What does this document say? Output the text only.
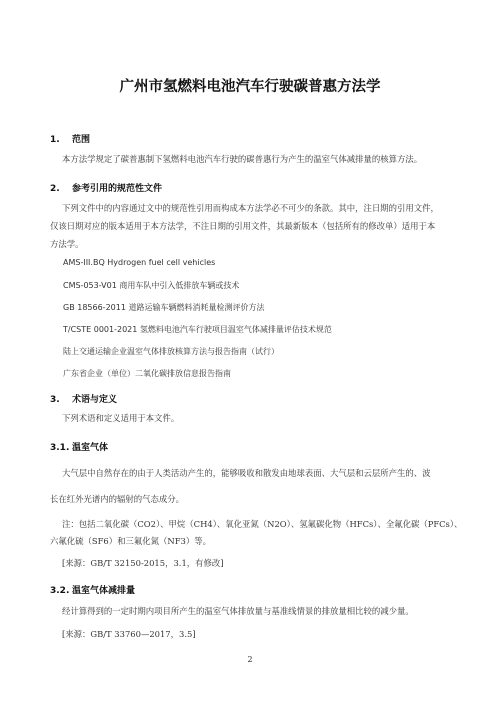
广州市氢燃料电池汽车行驶碳普惠方法学
1. 范围
本方法学规定了碳普惠制下氢燃料电池汽车行驶的碳普惠行为产生的温室气体减排量的核算方法。
2. 参考引用的规范性文件
下列文件中的内容通过文中的规范性引用而构成本方法学必不可少的条款。其中，注日期的引用文件，
仅该日期对应的版本适用于本方法学，不注日期的引用文件，其最新版本（包括所有的修改单）适用于本
方法学。
AMS-III.BQ Hydrogen fuel cell vehicles
CMS-053-V01 商用车队中引入低排放车辆或技术
GB 18566-2011 道路运输车辆燃料消耗量检测评价方法
T/CSTE 0001-2021 氢燃料电池汽车行驶项目温室气体减排量评估技术规范
陆上交通运输企业温室气体排放核算方法与报告指南（试行）
广东省企业（单位）二氧化碳排放信息报告指南
3. 术语与定义
下列术语和定义适用于本文件。
3.1. 温室气体
大气层中自然存在的由于人类活动产生的，能够吸收和散发由地球表面、大气层和云层所产生的、波
长在红外光谱内的辐射的气态成分。
注：包括二氧化碳（CO2）、甲烷（CH4）、氧化亚氮（N2O）、氢氟碳化物（HFCs）、全氟化碳（PFCs）、
六氟化硫（SF6）和三氟化氮（NF3）等。
[来源：GB/T 32150-2015，3.1，有修改]
3.2. 温室气体减排量
经计算得到的一定时期内项目所产生的温室气体排放量与基准线情景的排放量相比较的减少量。
[来源：GB/T 33760—2017，3.5]
2
